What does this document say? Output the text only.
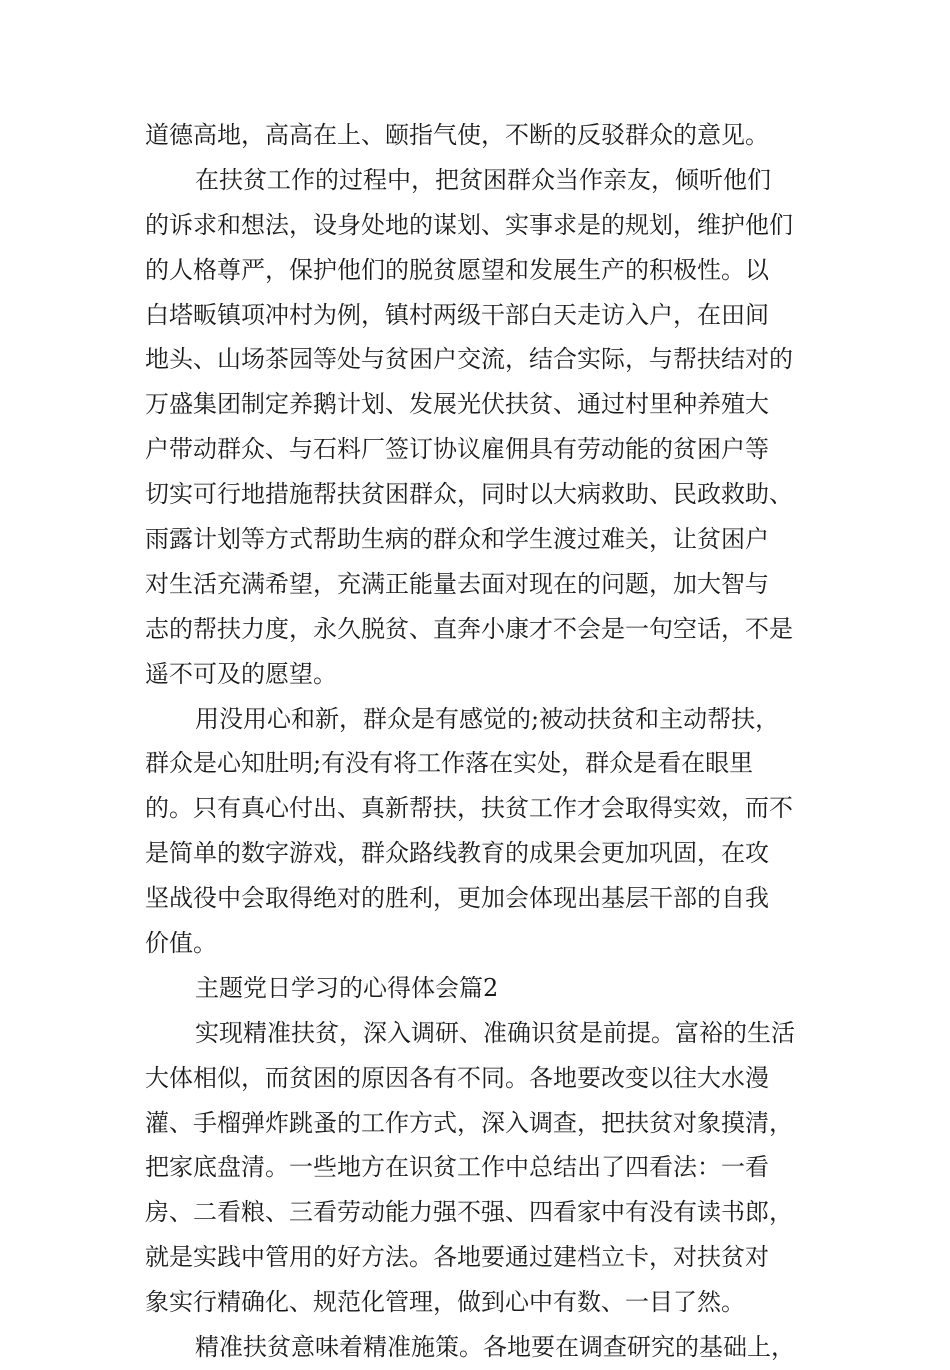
道德高地，高高在上、颐指气使，不断的反驳群众的意见。
在扶贫工作的过程中，把贫困群众当作亲友，倾听他们
的诉求和想法，设身处地的谋划、实事求是的规划，维护他们
的人格尊严，保护他们的脱贫愿望和发展生产的积极性。以
白塔畈镇项冲村为例，镇村两级干部白天走访入户，在田间
地头、山场茶园等处与贫困户交流，结合实际，与帮扶结对的
万盛集团制定养鹅计划、发展光伏扶贫、通过村里种养殖大
户带动群众、与石料厂签订协议雇佣具有劳动能的贫困户等
切实可行地措施帮扶贫困群众，同时以大病救助、民政救助、
雨露计划等方式帮助生病的群众和学生渡过难关，让贫困户
对生活充满希望，充满正能量去面对现在的问题，加大智与
志的帮扶力度，永久脱贫、直奔小康才不会是一句空话，不是
遥不可及的愿望。
用没用心和新，群众是有感觉的;被动扶贫和主动帮扶，
群众是心知肚明;有没有将工作落在实处，群众是看在眼里
的。只有真心付出、真新帮扶，扶贫工作才会取得实效，而不
是简单的数字游戏，群众路线教育的成果会更加巩固，在攻
坚战役中会取得绝对的胜利，更加会体现出基层干部的自我
价值。
主题党日学习的心得体会篇2
实现精准扶贫，深入调研、准确识贫是前提。富裕的生活
大体相似，而贫困的原因各有不同。各地要改变以往大水漫
灌、手榴弹炸跳蚤的工作方式，深入调查，把扶贫对象摸清，
把家底盘清。一些地方在识贫工作中总结出了四看法：一看
房、二看粮、三看劳动能力强不强、四看家中有没有读书郎，
就是实践中管用的好方法。各地要通过建档立卡，对扶贫对
象实行精确化、规范化管理，做到心中有数、一目了然。
精准扶贫意味着精准施策。各地要在调查研究的基础上，
